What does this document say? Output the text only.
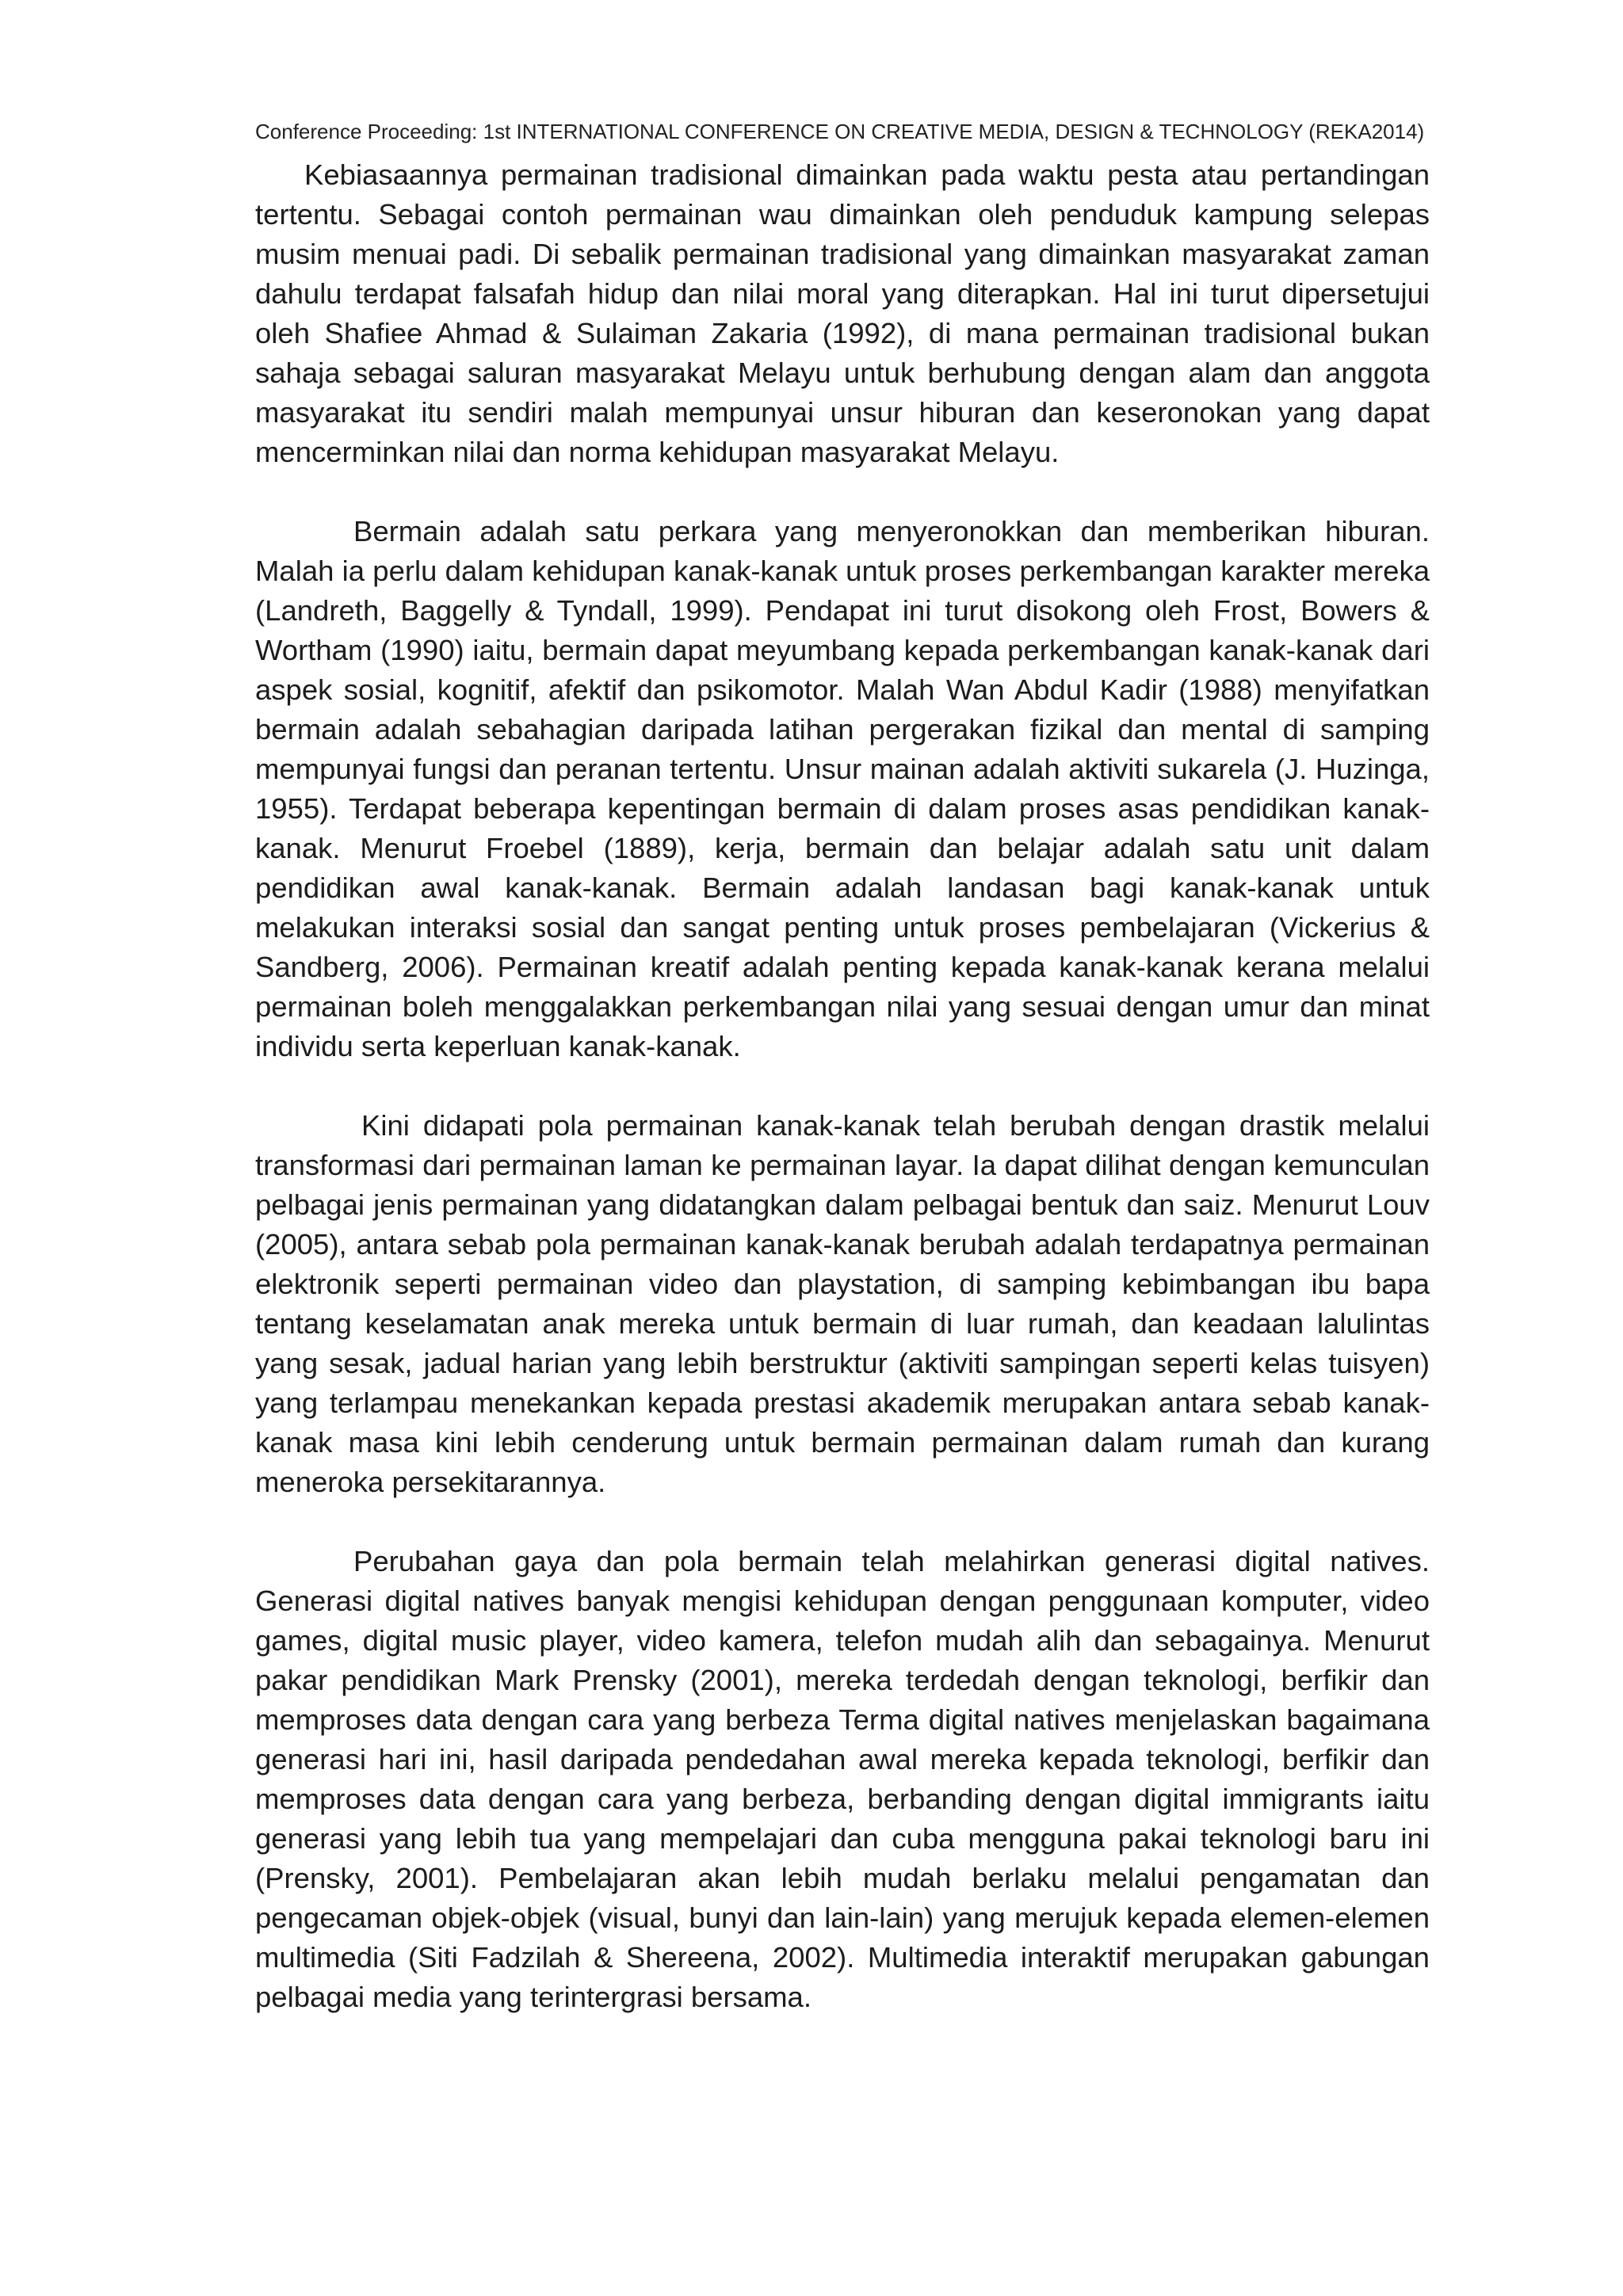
Conference Proceeding: 1st INTERNATIONAL CONFERENCE ON CREATIVE MEDIA, DESIGN & TECHNOLOGY (REKA2014)

Kebiasaannya permainan tradisional dimainkan pada waktu pesta atau pertandingan tertentu. Sebagai contoh permainan wau dimainkan oleh penduduk kampung selepas musim menuai padi. Di sebalik permainan tradisional yang dimainkan masyarakat zaman dahulu terdapat falsafah hidup dan nilai moral yang diterapkan. Hal ini turut dipersetujui oleh Shafiee Ahmad & Sulaiman Zakaria (1992), di mana permainan tradisional bukan sahaja sebagai saluran masyarakat Melayu untuk berhubung dengan alam dan anggota masyarakat itu sendiri malah mempunyai unsur hiburan dan keseronokan yang dapat mencerminkan nilai dan norma kehidupan masyarakat Melayu.

Bermain adalah satu perkara yang menyeronokkan dan memberikan hiburan. Malah ia perlu dalam kehidupan kanak-kanak untuk proses perkembangan karakter mereka (Landreth, Baggelly & Tyndall, 1999). Pendapat ini turut disokong oleh Frost, Bowers & Wortham (1990) iaitu, bermain dapat meyumbang kepada perkembangan kanak-kanak dari aspek sosial, kognitif, afektif dan psikomotor. Malah Wan Abdul Kadir (1988) menyifatkan bermain adalah sebahagian daripada latihan pergerakan fizikal dan mental di samping mempunyai fungsi dan peranan tertentu. Unsur mainan adalah aktiviti sukarela (J. Huzinga, 1955). Terdapat beberapa kepentingan bermain di dalam proses asas pendidikan kanak-kanak. Menurut Froebel (1889), kerja, bermain dan belajar adalah satu unit dalam pendidikan awal kanak-kanak. Bermain adalah landasan bagi kanak-kanak untuk melakukan interaksi sosial dan sangat penting untuk proses pembelajaran (Vickerius & Sandberg, 2006). Permainan kreatif adalah penting kepada kanak-kanak kerana melalui permainan boleh menggalakkan perkembangan nilai yang sesuai dengan umur dan minat individu serta keperluan kanak-kanak.

Kini didapati pola permainan kanak-kanak telah berubah dengan drastik melalui transformasi dari permainan laman ke permainan layar. Ia dapat dilihat dengan kemunculan pelbagai jenis permainan yang didatangkan dalam pelbagai bentuk dan saiz. Menurut Louv (2005), antara sebab pola permainan kanak-kanak berubah adalah terdapatnya permainan elektronik seperti permainan video dan playstation, di samping kebimbangan ibu bapa tentang keselamatan anak mereka untuk bermain di luar rumah, dan keadaan lalulintas yang sesak, jadual harian yang lebih berstruktur (aktiviti sampingan seperti kelas tuisyen) yang terlampau menekankan kepada prestasi akademik merupakan antara sebab kanak-kanak masa kini lebih cenderung untuk bermain permainan dalam rumah dan kurang meneroka persekitarannya.

Perubahan gaya dan pola bermain telah melahirkan generasi digital natives. Generasi digital natives banyak mengisi kehidupan dengan penggunaan komputer, video games, digital music player, video kamera, telefon mudah alih dan sebagainya. Menurut pakar pendidikan Mark Prensky (2001), mereka terdedah dengan teknologi, berfikir dan memproses data dengan cara yang berbeza Terma digital natives menjelaskan bagaimana generasi hari ini, hasil daripada pendedahan awal mereka kepada teknologi, berfikir dan memproses data dengan cara yang berbeza, berbanding dengan digital immigrants iaitu generasi yang lebih tua yang mempelajari dan cuba mengguna pakai teknologi baru ini (Prensky, 2001). Pembelajaran akan lebih mudah berlaku melalui pengamatan dan pengecaman objek-objek (visual, bunyi dan lain-lain) yang merujuk kepada elemen-elemen multimedia (Siti Fadzilah & Shereena, 2002). Multimedia interaktif merupakan gabungan pelbagai media yang terintergrasi bersama.
